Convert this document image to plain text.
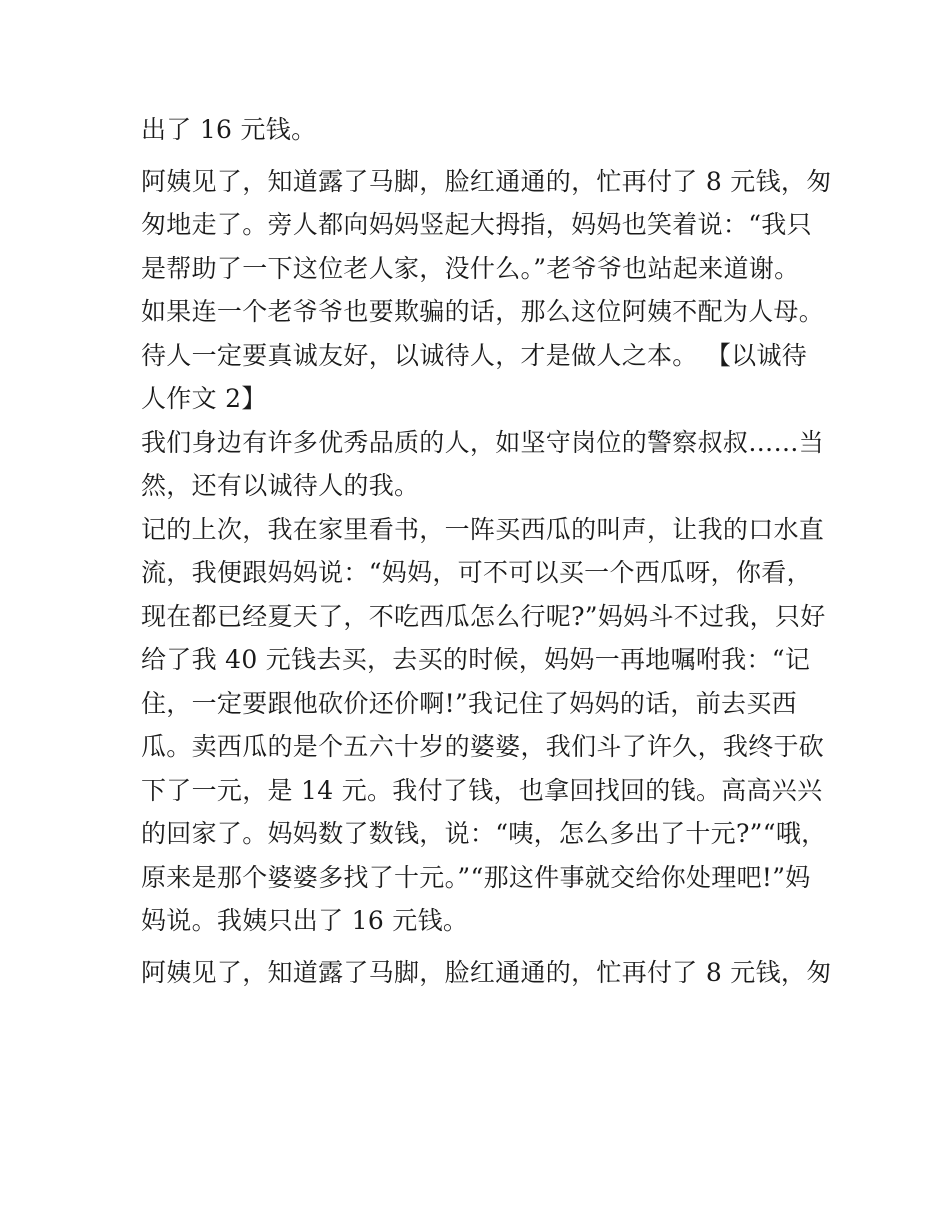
出了 16 元钱。
阿姨见了，知道露了马脚，脸红通通的，忙再付了 8 元钱，匆
匆地走了。旁人都向妈妈竖起大拇指，妈妈也笑着说：“我只
是帮助了一下这位老人家，没什么。”老爷爷也站起来道谢。
如果连一个老爷爷也要欺骗的话，那么这位阿姨不配为人母。
待人一定要真诚友好，以诚待人，才是做人之本。 【以诚待
人作文 2】
我们身边有许多优秀品质的人，如坚守岗位的警察叔叔……当
然，还有以诚待人的我。
记的上次，我在家里看书，一阵买西瓜的叫声，让我的口水直
流，我便跟妈妈说：“妈妈，可不可以买一个西瓜呀，你看，
现在都已经夏天了，不吃西瓜怎么行呢?”妈妈斗不过我，只好
给了我 40 元钱去买，去买的时候，妈妈一再地嘱咐我：“记
住，一定要跟他砍价还价啊!”我记住了妈妈的话，前去买西
瓜。卖西瓜的是个五六十岁的婆婆，我们斗了许久，我终于砍
下了一元，是 14 元。我付了钱，也拿回找回的钱。高高兴兴
的回家了。妈妈数了数钱，说：“咦，怎么多出了十元?”“哦，
原来是那个婆婆多找了十元。”“那这件事就交给你处理吧!”妈
妈说。我姨只出了 16 元钱。
阿姨见了，知道露了马脚，脸红通通的，忙再付了 8 元钱，匆
